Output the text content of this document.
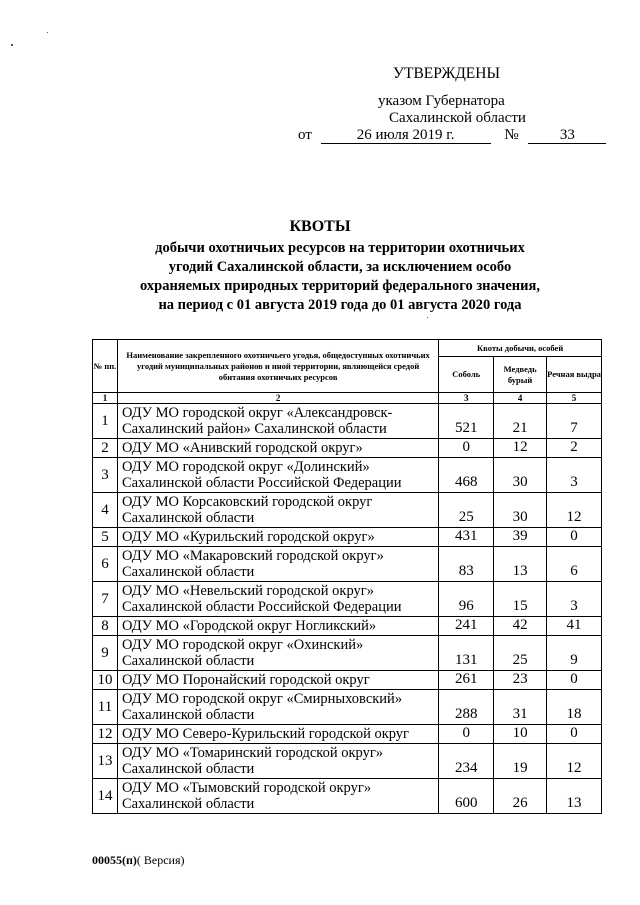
УТВЕРЖДЕНЫ
указом Губернатора
Сахалинской области
от	26 июля 2019 г.	№	33
КВОТЫ
добычи охотничьих ресурсов на территории охотничьих
угодий Сахалинской области, за исключением особо
охраняемых природных территорий федерального значения,
на период с 01 августа 2019 года до 01 августа 2020 года
№ пп.	Наименование закрепленного охотничьего угодья, общедоступных охотничьих угодий муниципальных районов и иной территории, являющейся средой обитания охотничьих ресурсов	Квоты добычи, особей		
		Соболь	Медведь бурый	Речная выдра
1	2	3	4	5
1	ОДУ МО городской округ «Александровск-
Сахалинский район» Сахалинской области	521	21	7
2	ОДУ МО «Анивский городской округ»	0	12	2
3	ОДУ МО городской округ «Долинский»
Сахалинской области Российской Федерации	468	30	3
4	ОДУ МО Корсаковский городской округ
Сахалинской области	25	30	12
5	ОДУ МО «Курильский городской округ»	431	39	0
6	ОДУ МО «Макаровский городской округ»
Сахалинской области	83	13	6
7	ОДУ МО «Невельский городской округ»
Сахалинской области Российской Федерации	96	15	3
8	ОДУ МО «Городской округ Ногликский»	241	42	41
9	ОДУ МО городской округ «Охинский»
Сахалинской области	131	25	9
10	ОДУ МО Поронайский городской округ	261	23	0
11	ОДУ МО городской округ «Смирныховский»
Сахалинской области	288	31	18
12	ОДУ МО Северо-Курильский городской округ	0	10	0
13	ОДУ МО «Томаринский городской округ»
Сахалинской области	234	19	12
14	ОДУ МО «Тымовский городской округ»
Сахалинской области	600	26	13
00055(п)( Версия)
